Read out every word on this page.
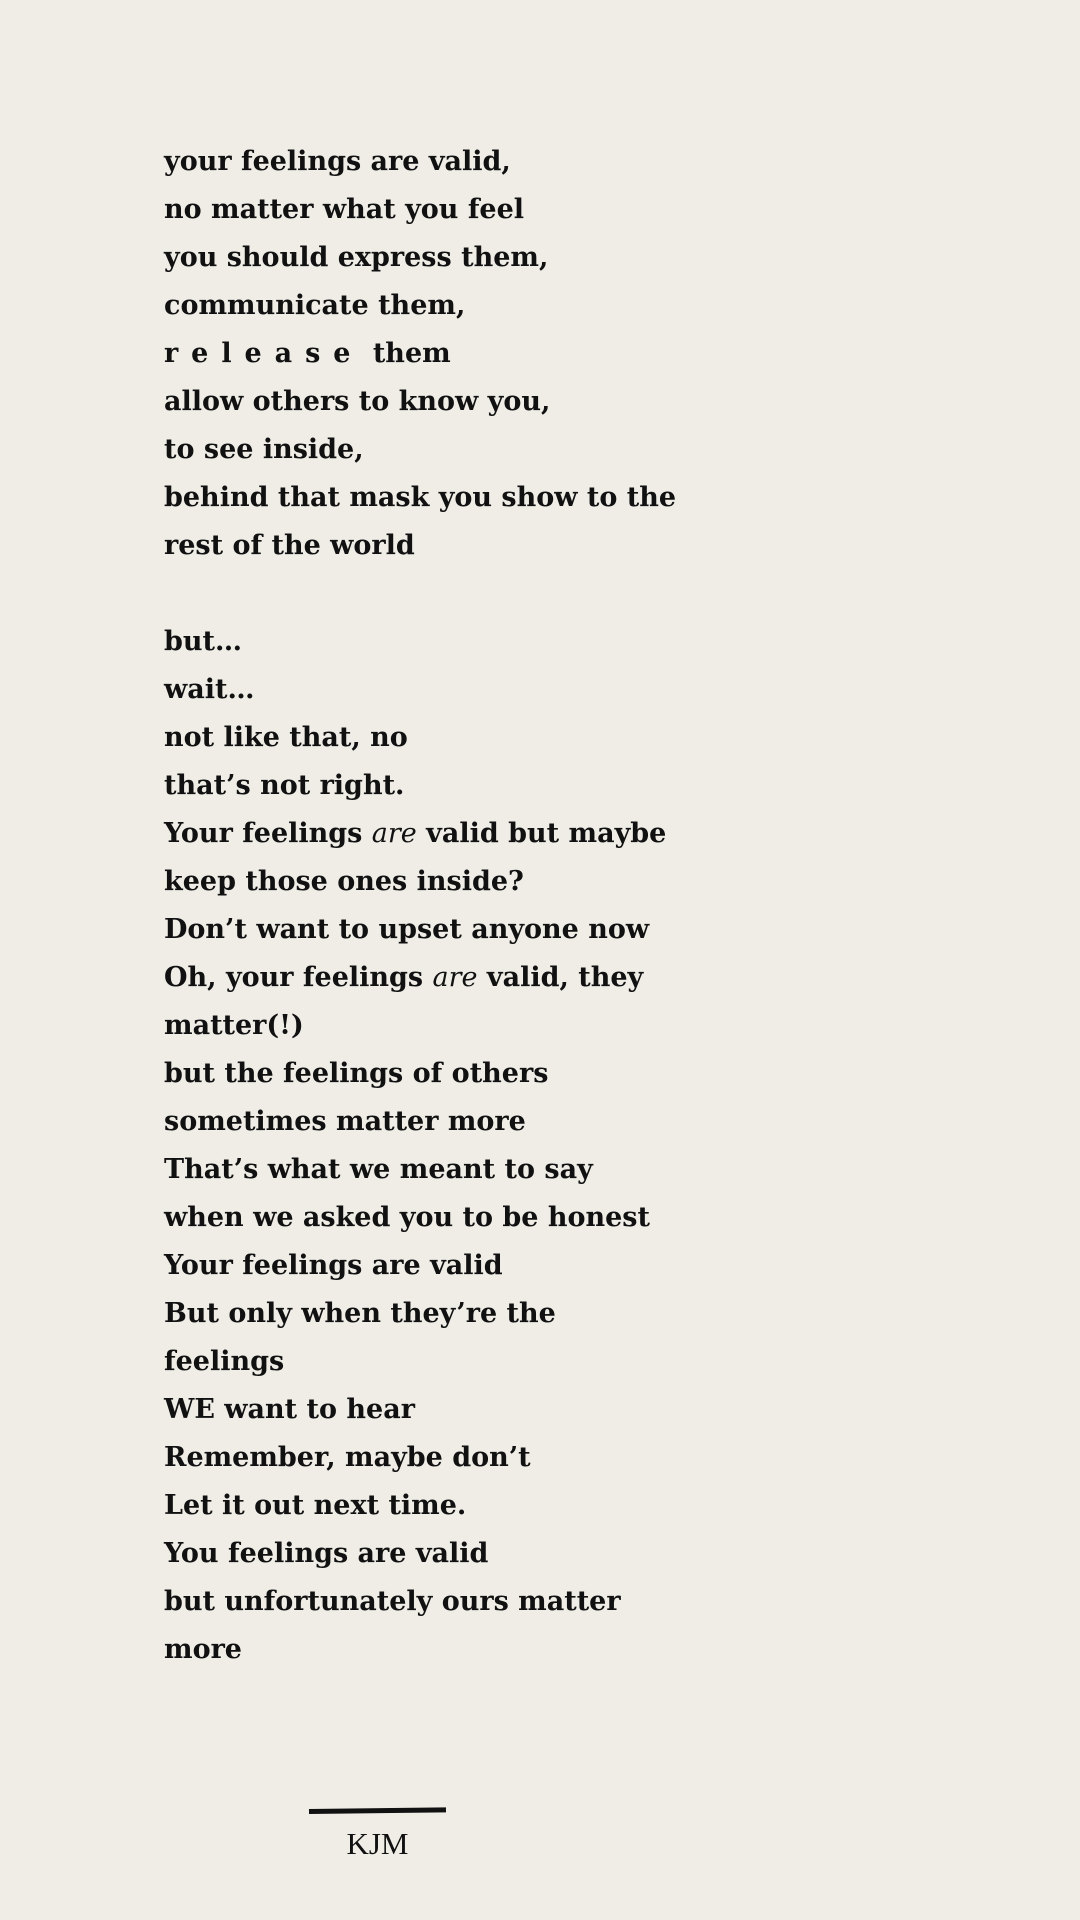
your feelings are valid,
no matter what you feel
you should express them,
communicate them,
release them
allow others to know you,
to see inside,
behind that mask you show to the
rest of the world
but…
wait…
not like that, no
that’s not right.
Your feelings are valid but maybe
keep those ones inside?
Don’t want to upset anyone now
Oh, your feelings are valid, they
matter(!)
but the feelings of others
sometimes matter more
That’s what we meant to say
when we asked you to be honest
Your feelings are valid
But only when they’re the
feelings
WE want to hear
Remember, maybe don’t
Let it out next time.
You feelings are valid
but unfortunately ours matter
more
KJM
